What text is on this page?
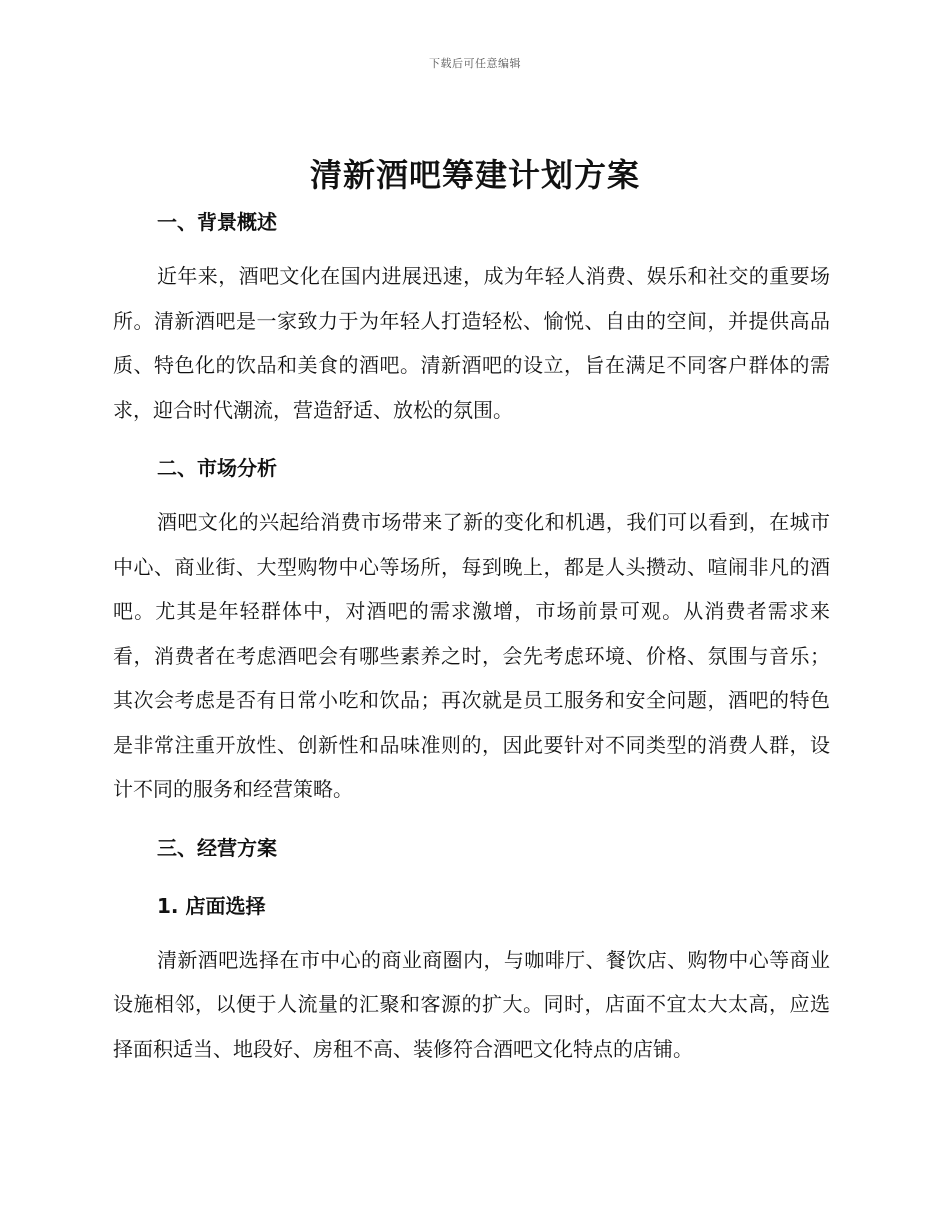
下载后可任意编辑
清新酒吧筹建计划方案
一、背景概述

近年来，酒吧文化在国内进展迅速，成为年轻人消费、娱乐和社交的重要场所。清新酒吧是一家致力于为年轻人打造轻松、愉悦、自由的空间，并提供高品质、特色化的饮品和美食的酒吧。清新酒吧的设立，旨在满足不同客户群体的需求，迎合时代潮流，营造舒适、放松的氛围。

二、市场分析

酒吧文化的兴起给消费市场带来了新的变化和机遇，我们可以看到，在城市中心、商业街、大型购物中心等场所，每到晚上，都是人头攒动、喧闹非凡的酒吧。尤其是年轻群体中，对酒吧的需求激增，市场前景可观。从消费者需求来看，消费者在考虑酒吧会有哪些素养之时，会先考虑环境、价格、氛围与音乐；其次会考虑是否有日常小吃和饮品；再次就是员工服务和安全问题，酒吧的特色是非常注重开放性、创新性和品味准则的，因此要针对不同类型的消费人群，设计不同的服务和经营策略。

三、经营方案
1. 店面选择

清新酒吧选择在市中心的商业商圈内，与咖啡厅、餐饮店、购物中心等商业设施相邻，以便于人流量的汇聚和客源的扩大。同时，店面不宜太大太高，应选择面积适当、地段好、房租不高、装修符合酒吧文化特点的店铺。
